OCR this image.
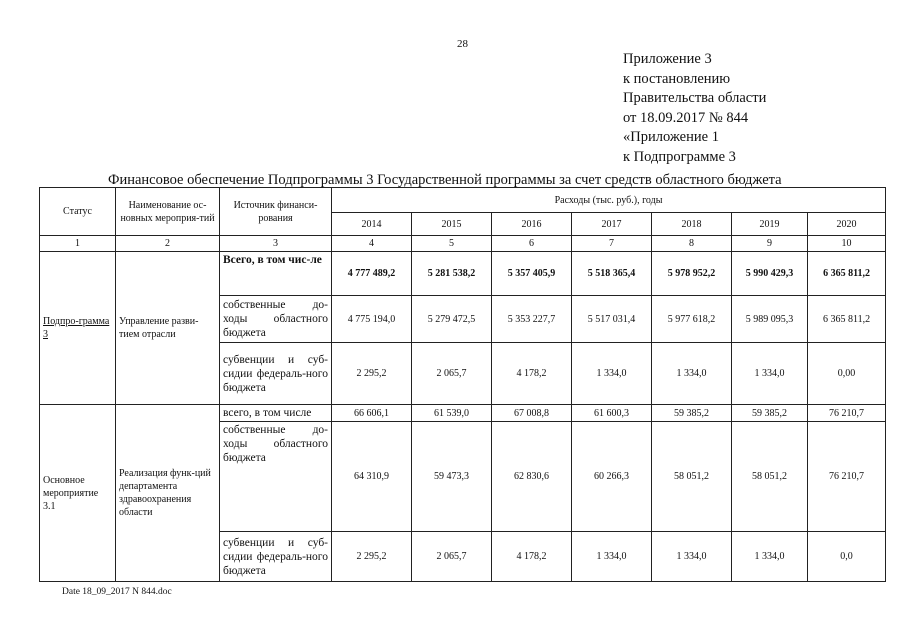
28
Приложение 3
к постановлению
Правительства области
от 18.09.2017 № 844
«Приложение 1
к Подпрограмме 3
Финансовое обеспечение Подпрограммы 3 Государственной программы за счет средств областного бюджета
Статус	Наименование ос-новных мероприя-тий	Источник финанси-рования	Расходы (тыс. руб.), годы						
			2014	2015	2016	2017	2018	2019	2020
1	2	3	4	5	6	7	8	9	10
Подпро-грамма 3	Управление разви-тием отрасли	Всего, в том чис-ле	4 777 489,2	5 281 538,2	5 357 405,9	5 518 365,4	5 978 952,2	5 990 429,3	6 365 811,2
		собственные до-ходы областного бюджета	4 775 194,0	5 279 472,5	5 353 227,7	5 517 031,4	5 977 618,2	5 989 095,3	6 365 811,2
		субвенции и суб-сидии федераль-ного бюджета	2 295,2	2 065,7	4 178,2	1 334,0	1 334,0	1 334,0	0,00
Основное мероприятие 3.1	Реализация функ-ций департамента здравоохранения области	всего, в том числе	66 606,1	61 539,0	67 008,8	61 600,3	59 385,2	59 385,2	76 210,7
		собственные до-ходы областного бюджета	64 310,9	59 473,3	62 830,6	60 266,3	58 051,2	58 051,2	76 210,7
		субвенции и суб-сидии федераль-ного бюджета	2 295,2	2 065,7	4 178,2	1 334,0	1 334,0	1 334,0	0,0
Date 18_09_2017 N 844.doc
